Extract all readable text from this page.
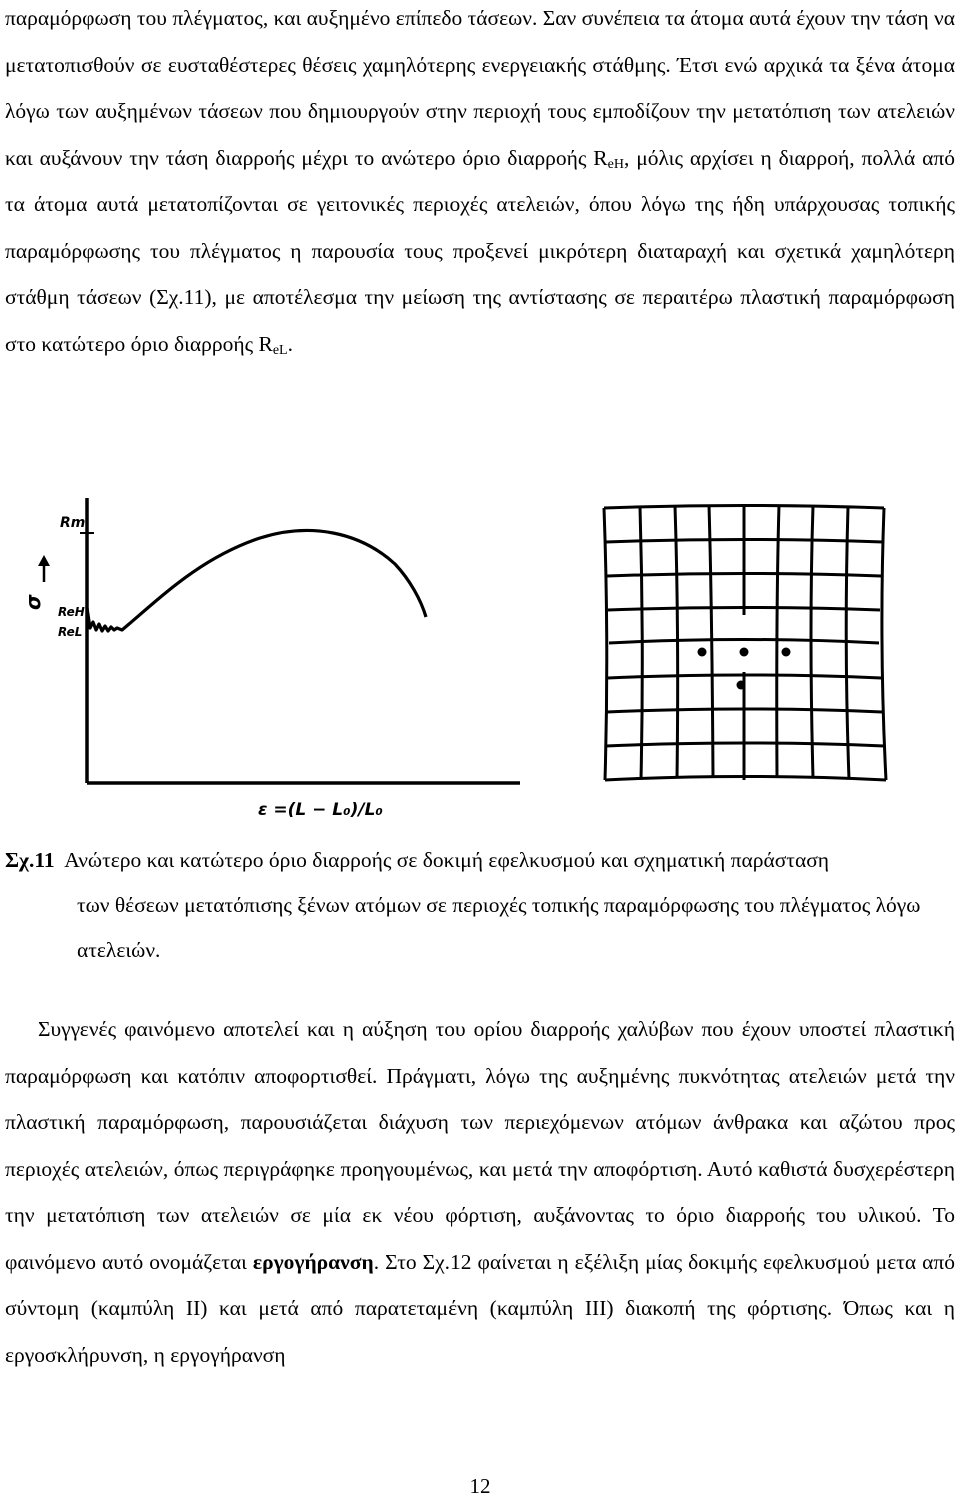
παραμόρφωση του πλέγματος, και αυξημένο επίπεδο τάσεων. Σαν συνέπεια τα άτομα αυτά έχουν την τάση να μετατοπισθούν σε ευσταθέστερες θέσεις χαμηλότερης ενεργειακής στάθμης. Έτσι ενώ αρχικά τα ξένα άτομα λόγω των αυξημένων τάσεων που δημιουργούν στην περιοχή τους εμποδίζουν την μετατόπιση των ατελειών και αυξάνουν την τάση διαρροής μέχρι το ανώτερο όριο διαρροής $R_{eH}$, μόλις αρχίσει η διαρροή, πολλά από τα άτομα αυτά μετατοπίζονται σε γειτονικές περιοχές ατελειών, όπου λόγω της ήδη υπάρχουσας τοπικής παραμόρφωσης του πλέγματος η παρουσία τους προξενεί μικρότερη διαταραχή και σχετικά χαμηλότερη στάθμη τάσεων (Σχ.11), με αποτέλεσμα την μείωση της αντίστασης σε περαιτέρω πλαστική παραμόρφωση στο κατώτερο όριο διαρροής $R_{eL}$.

σ
Rm
ReH
ReL
ε =(L − L₀)/L₀
Σχ.11 Ανώτερο και κατώτερο όριο διαρροής σε δοκιμή εφελκυσμού και σχηματική παράσταση
των θέσεων μετατόπισης ξένων ατόμων σε περιοχές τοπικής παραμόρφωσης του πλέγματος λόγω ατελειών.

Συγγενές φαινόμενο αποτελεί και η αύξηση του ορίου διαρροής χαλύβων που έχουν υποστεί πλαστική παραμόρφωση και κατόπιν αποφορτισθεί. Πράγματι, λόγω της αυξημένης πυκνότητας ατελειών μετά την πλαστική παραμόρφωση, παρουσιάζεται διάχυση των περιεχόμενων ατόμων άνθρακα και αζώτου προς περιοχές ατελειών, όπως περιγράφηκε προηγουμένως, και μετά την αποφόρτιση. Αυτό καθιστά δυσχερέστερη την μετατόπιση των ατελειών σε μία εκ νέου φόρτιση, αυξάνοντας το όριο διαρροής του υλικού. Το φαινόμενο αυτό ονομάζεται εργογήρανση. Στο Σχ.12 φαίνεται η εξέλιξη μίας δοκιμής εφελκυσμού μετα από σύντομη (καμπύλη ΙΙ) και μετά από παρατεταμένη (καμπύλη ΙΙΙ) διακοπή της φόρτισης. Όπως και η εργοσκλήρυνση, η εργογήρανση

12
